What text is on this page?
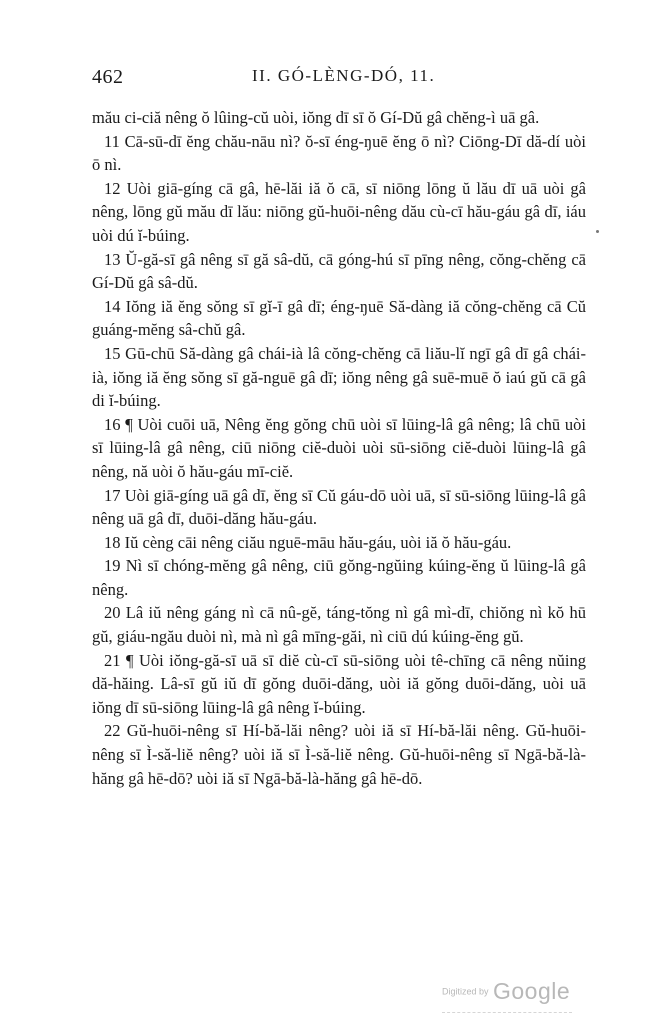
462	II. GÓ-LÈNG-DÓ, 11.

mău ci-ciă nêng ŏ lûing-cŭ uòi, iŏng dī sī ŏ Gí-Dŭ gâ chĕng-ì uā gâ.

11 Cā-sū-dī ĕng chău-nāu nì? ŏ-sī éng-ŋuē ĕng ō nì? Ciōng-Dī dă-dí uòi ō nì.

12 Uòi giā-gíng cā gâ, hē-lăi iă ŏ cā, sī niōng lōng ŭ lău dī uā uòi gâ nêng, lōng gŭ mău dī lău: niōng gŭ-huōi-nêng dău cù-cī hău-gáu gâ dī, iáu uòi dú ĭ-búing.

13 Ŭ-gă-sī gâ nêng sī gă sâ-dŭ, cā góng-hú sī pīng nêng, cŏng-chĕng cā Gí-Dŭ gâ sâ-dŭ.

14 Iŏng iă ĕng sŏng sī gĭ-ī gâ dī; éng-ŋuē Să-dàng iă cŏng-chĕng cā Cŭ guáng-mĕng sâ-chŭ gâ.

15 Gū-chū Să-dàng gâ chái-ià lâ cŏng-chĕng cā liău-lĭ ngī gâ dī gâ chái-ià, iŏng iă ĕng sŏng sī gă-nguē gâ dī; iŏng nêng gâ suē-muē ŏ iaú gŭ cā gâ di ĭ-búing.

16 ¶ Uòi cuōi uā, Nêng ĕng gŏng chū uòi sī lūing-lâ gâ nêng; lâ chū uòi sī lūing-lâ gâ nêng, ciū niōng ciĕ-duòi uòi sū-siōng ciĕ-duòi lūing-lâ gâ nêng, nă uòi ŏ hău-gáu mī-ciĕ.

17 Uòi giā-gíng uā gâ dī, ĕng sī Cŭ gáu-dō uòi uā, sī sū-siōng lūing-lâ gâ nêng uā gâ dī, duōi-dăng hău-gáu.

18 Iŭ cèng cāi nêng ciău nguē-māu hău-gáu, uòi iă ŏ hău-gáu.

19 Nì sī chóng-mĕng gâ nêng, ciū gŏng-ngŭing kúing-ĕng ŭ lūing-lâ gâ nêng.

20 Lâ iŭ nêng gáng nì cā nû-gĕ, táng-tŏng nì gâ mì-dī, chiŏng nì kŏ hū gŭ, giáu-ngău duòi nì, mà nì gâ mīng-găi, nì ciū dú kúing-ĕng gŭ.

21 ¶ Uòi iŏng-gă-sī uā sī diĕ cù-cī sū-siōng uòi tê-chīng cā nêng nŭing dă-hăing. Lâ-sī gŭ iŭ dī gŏng duōi-dăng, uòi iă gŏng duōi-dăng, uòi uā iŏng dī sū-siōng lūing-lâ gâ nêng ĭ-búing.

22 Gŭ-huōi-nêng sī Hí-bă-lăi nêng? uòi iă sī Hí-bă-lăi nêng. Gŭ-huōi-nêng sī Ì-să-liĕ nêng? uòi iă sī Ì-să-liĕ nêng. Gŭ-huōi-nêng sī Ngā-bă-là-hăng gâ hē-dō? uòi iă sī Ngā-bă-là-hăng gâ hē-dō.

Digitized by Google
